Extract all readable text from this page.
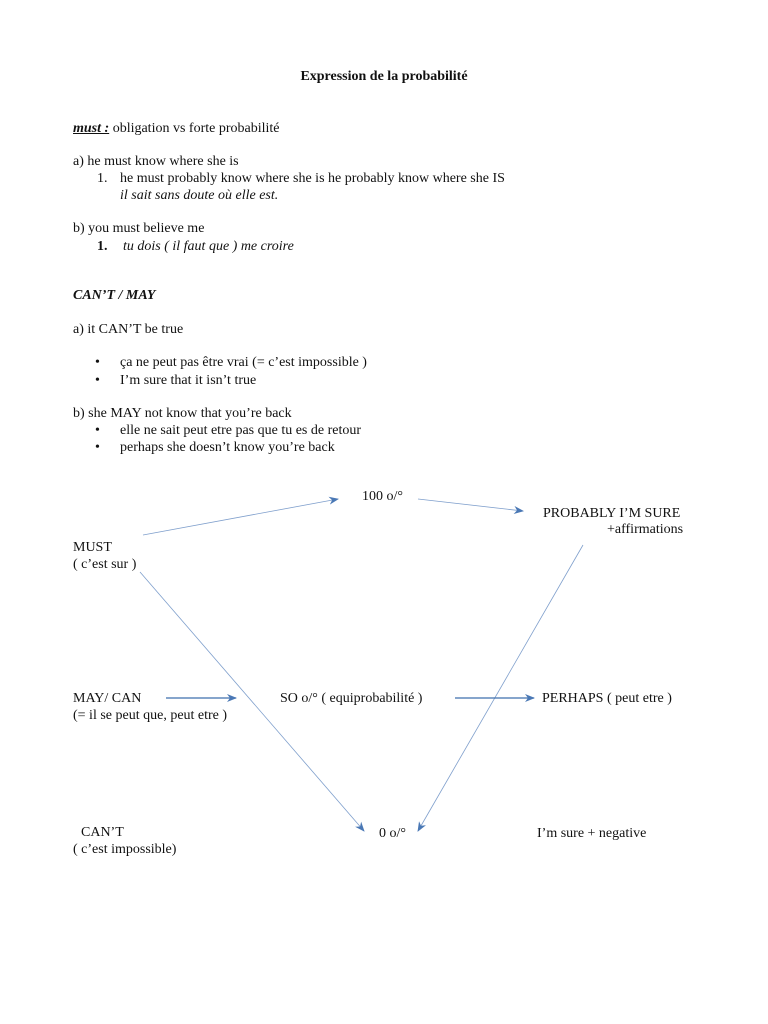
Expression de la probabilité
must : obligation vs forte probabilité
a) he must know where she is
1. he must probably know where she is he probably know where she IS
il sait sans doute où elle est.
b) you must believe me
1. tu dois ( il faut que ) me croire
CAN’T / MAY
a) it CAN’T be true
• ça ne peut pas être vrai (= c’est impossible )
• I’m sure that it isn’t true
b) she MAY not know that you’re back
• elle ne sait peut etre pas que tu es de retour
• perhaps she doesn’t know you’re back
100 o/°
PROBABLY I’M SURE
+affirmations
MUST
( c’est sur )
MAY/ CAN
(= il se peut que, peut etre )
SO o/° ( equiprobabilité )	PERHAPS ( peut etre )
CAN’T
( c’est impossible)
0 o/°	I’m sure + negative
